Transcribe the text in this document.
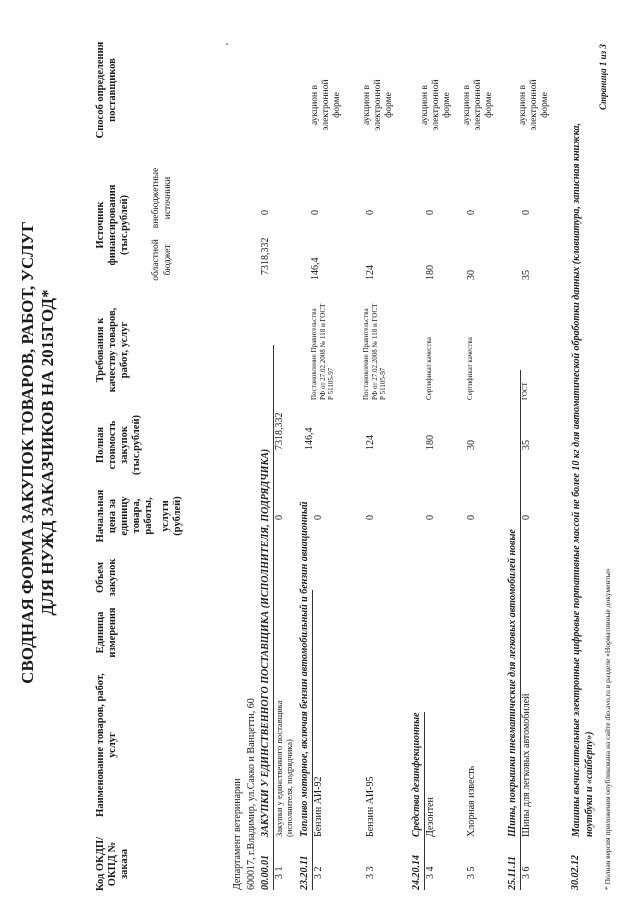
СВОДНАЯ ФОРМА ЗАКУПОК ТОВАРОВ, РАБОТ, УСЛУГ ДЛЯ НУЖД ЗАКАЗЧИКОВ НА 2015ГОД*
Код ОКДП/ ОКПД № заказа
Наименование товаров, работ, услуг
Единица измерения
Объем закупок
Начальная цена за единицу товара, работы, услуги (рублей)
Полная стоимость закупок (тыс.рублей)
Требования к качеству товаров, работ, услуг
Источник финансирования (тыс.рублей)
областной бюджет
внебюджетные источники
Способ определения поставщиков
'
Департамент ветеринарии 600017, г.Владимир, ул.Сакко и Ванцетти, 60 00.00.01
ЗАКУПКИ У ЕДИНСТВЕННОГО ПОСТАВЩИКА (ИСПОЛНИТЕЛЯ, ПОДРЯДЧИКА)
3 1
Закупки у единственного поставщика (исполнителя, подрядчика)
0
7318,332
7318,332
0
23.20.11
Топливо моторное, включая бензин автомобильный и бензин авиационный
3 2
Бензин АИ-92
0
146,4
Постановление Правительства РФ от 27.02.2008 № 118 и ГОСТ Р 51105-97
146,4
0
аукцион в электронной форме
3 3
Бензин АИ-95
0
124
Постановление Правительства РФ от 27.02.2008 № 118 и ГОСТ Р 51105-97
124
0
аукцион в электронной форме
24.20.14
Средства дезинфекционные
3 4
Дезонтен
0
180
Сертификат качества
180
0
аукцион в электронной форме
3 5
Хлорная известь
0
30
Сертификат качества
30
0
аукцион в электронной форме
25.11.11
Шины, покрышки пневматические для легковых автомобилей новые
3 6
Шины для легковых автомобилей
0
35
ГОСТ
35
0
аукцион в электронной форме
30.02.12
Машины вычислительные электронные цифровые портативные массой не более 10 кг для автоматической обработки данных (клавиатура, записная книжка, ноутбуки и «сайберпу») * Полная версия приложения опубликована на сайте dio.avo.ru в разделе «Нормативные документы»
Страница 1 из 3
